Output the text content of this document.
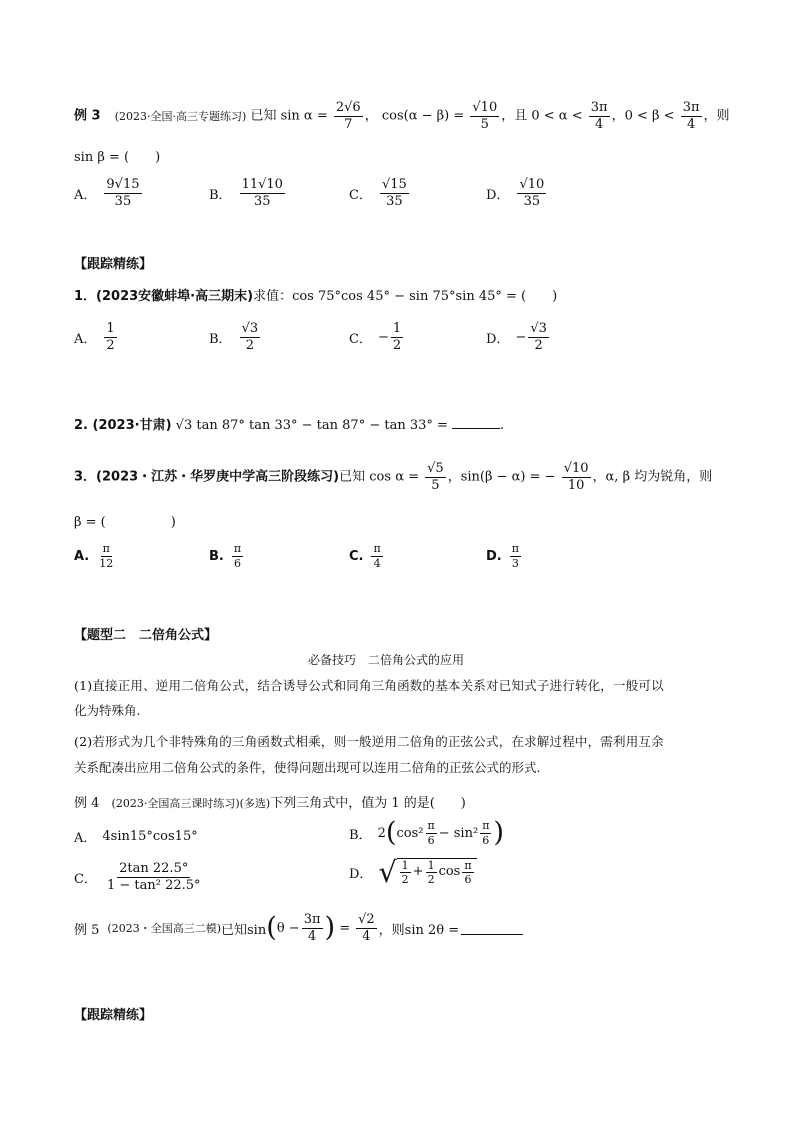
例 3 (2023·全国·高三专题练习) 已知 $\sin \alpha = \frac{2√6}{7}$ ， $\cos(\alpha - \beta) = \frac{√10}{5}$ ，且 $0 < \alpha < \frac{3\pi}{4}$ ，$0 < \beta < \frac{3\pi}{4}$ ，则
sin β = (　　)
A． $\frac{9√15}{35}$	B． $\frac{11√10}{35}$	C． $\frac{√15}{35}$	D． $\frac{√10}{35}$
【跟踪精练】
1．(2023安徽蚌埠·高三期末)求值：cos 75°cos 45° − sin 75°sin 45° = (　　)
A． $\frac{1}{2}$	B． $\frac{√3}{2}$	C． − $\frac{1}{2}$	D． − $\frac{√3}{2}$
2. (2023·甘肃) √3 tan 87° tan 33° − tan 87° − tan 33° =	.
3．(2023・江苏・华罗庚中学高三阶段练习)已知 $\cos \alpha = \frac{√5}{5}$ ，sin(β − α) = − $\frac{√10}{10}$ ，α, β 均为锐角，则
β = (　　　　　)
A. $\frac{\pi}{12}$	B. $\frac{\pi}{6}$	C. $\frac{\pi}{4}$	D. $\frac{\pi}{3}$
【题型二　二倍角公式】
必备技巧　二倍角公式的应用
(1)直接正用、逆用二倍角公式，结合诱导公式和同角三角函数的基本关系对已知式子进行转化，一般可以
化为特殊角.
(2)若形式为几个非特殊角的三角函数式相乘，则一般逆用二倍角的正弦公式，在求解过程中，需利用互余
关系配凑出应用二倍角公式的条件，使得问题出现可以连用二倍角的正弦公式的形式.
例 4 (2023·全国高三课时练习)(多选)下列三角式中，值为 1 的是(　　)
A． 4sin15°cos15°	B． 2 ( $\cos^2 \frac{\pi}{6} - \sin^2 \frac{\pi}{6}$ )
C． $\frac{2\tan 22.5^\circ}{\text{1 − tan² 22.5°}}$	D． √ $\frac{1}{2} + \frac{1}{2}$ $\cos \frac{\pi}{6}$
例 5 (2023・全国高三二模) 已知sin ( $\theta - \frac{3\pi}{4}$ ) = $\frac{√2}{4}$ ，则sin 2θ =
【跟踪精练】
